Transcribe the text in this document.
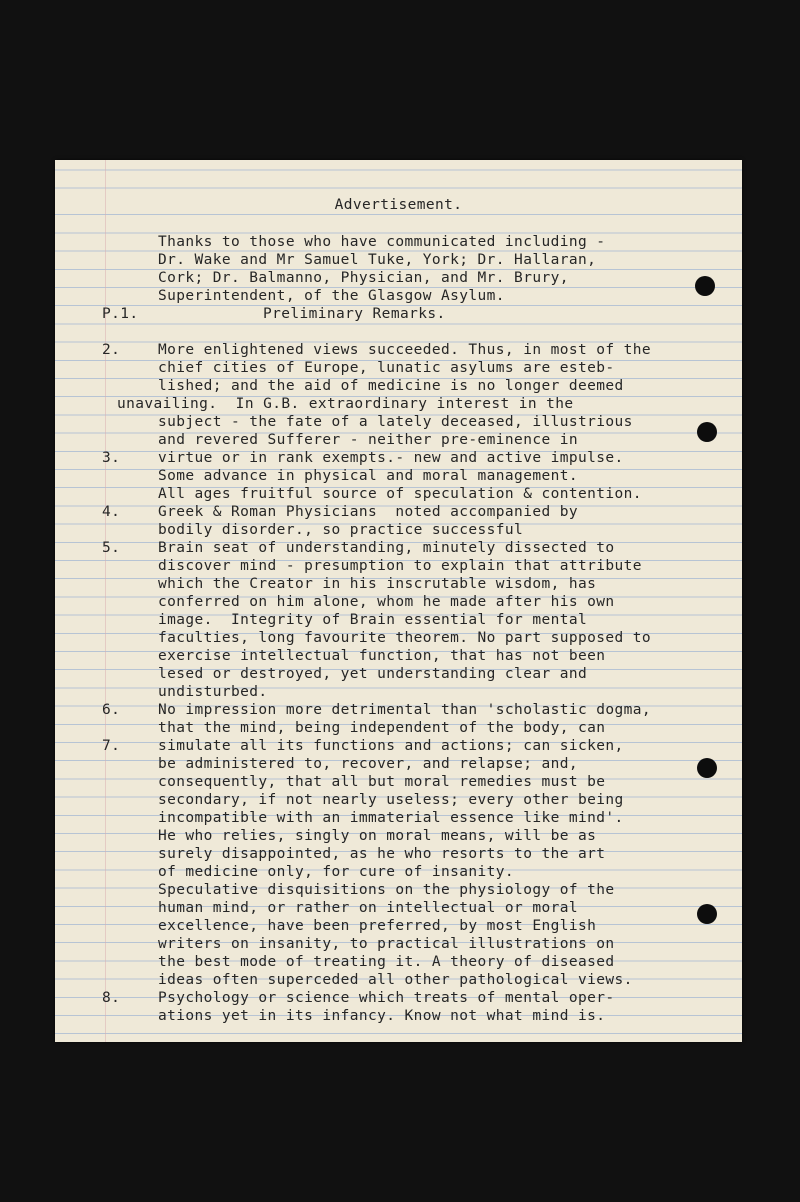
Advertisement.
Thanks to those who have communicated including -
Dr. Wake and Mr Samuel Tuke, York; Dr. Hallaran,
Cork; Dr. Balmanno, Physician, and Mr. Brury,
Superintendent, of the Glasgow Asylum.
P.1.	Preliminary Remarks.
2.	More enlightened views succeeded. Thus, in most of the
chief cities of Europe, lunatic asylums are esteb-
lished; and the aid of medicine is no longer deemed
unavailing.  In G.B. extraordinary interest in the
subject - the fate of a lately deceased, illustrious
and revered Sufferer - neither pre-eminence in
3.	virtue or in rank exempts.- new and active impulse.
Some advance in physical and moral management.
All ages fruitful source of speculation & contention.
4.	Greek & Roman Physicians  noted accompanied by
bodily disorder., so practice successful
5.	Brain seat of understanding, minutely dissected to
discover mind - presumption to explain that attribute
which the Creator in his inscrutable wisdom, has
conferred on him alone, whom he made after his own
image.  Integrity of Brain essential for mental
faculties, long favourite theorem. No part supposed to
exercise intellectual function, that has not been
lesed or destroyed, yet understanding clear and
undisturbed.
6.	No impression more detrimental than 'scholastic dogma,
that the mind, being independent of the body, can
7.	simulate all its functions and actions; can sicken,
be administered to, recover, and relapse; and,
consequently, that all but moral remedies must be
secondary, if not nearly useless; every other being
incompatible with an immaterial essence like mind'.
He who relies, singly on moral means, will be as
surely disappointed, as he who resorts to the art
of medicine only, for cure of insanity.
Speculative disquisitions on the physiology of the
human mind, or rather on intellectual or moral
excellence, have been preferred, by most English
writers on insanity, to practical illustrations on
the best mode of treating it. A theory of diseased
ideas often superceded all other pathological views.
8.	Psychology or science which treats of mental oper-
ations yet in its infancy. Know not what mind is.
